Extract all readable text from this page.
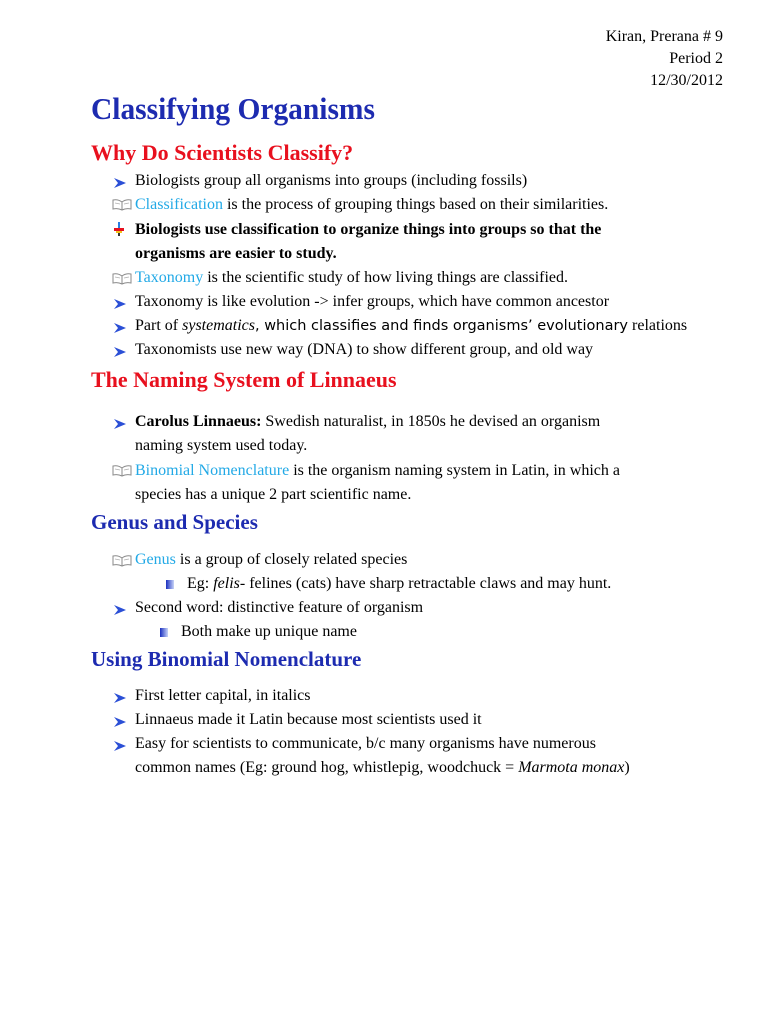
Kiran, Prerana # 9
Period 2
12/30/2012
Classifying Organisms
Why Do Scientists Classify?
Biologists group all organisms into groups (including fossils)
Classification is the process of grouping things based on their similarities.
Biologists use classification to organize things into groups so that the
organisms are easier to study.
Taxonomy is the scientific study of how living things are classified.
Taxonomy is like evolution -> infer groups, which have common ancestor
Part of systematics, which classifies and finds organisms’ evolutionary relations
Taxonomists use new way (DNA) to show different group, and old way
The Naming System of Linnaeus
Carolus Linnaeus: Swedish naturalist, in 1850s he devised an organism
naming system used today.
Binomial Nomenclature is the organism naming system in Latin, in which a
species has a unique 2 part scientific name.
Genus and Species
Genus is a group of closely related species
Eg: felis- felines (cats) have sharp retractable claws and may hunt.
Second word: distinctive feature of organism
Both make up unique name
Using Binomial Nomenclature
First letter capital, in italics
Linnaeus made it Latin because most scientists used it
Easy for scientists to communicate, b/c many organisms have numerous
common names (Eg: ground hog, whistlepig, woodchuck = Marmota monax)
